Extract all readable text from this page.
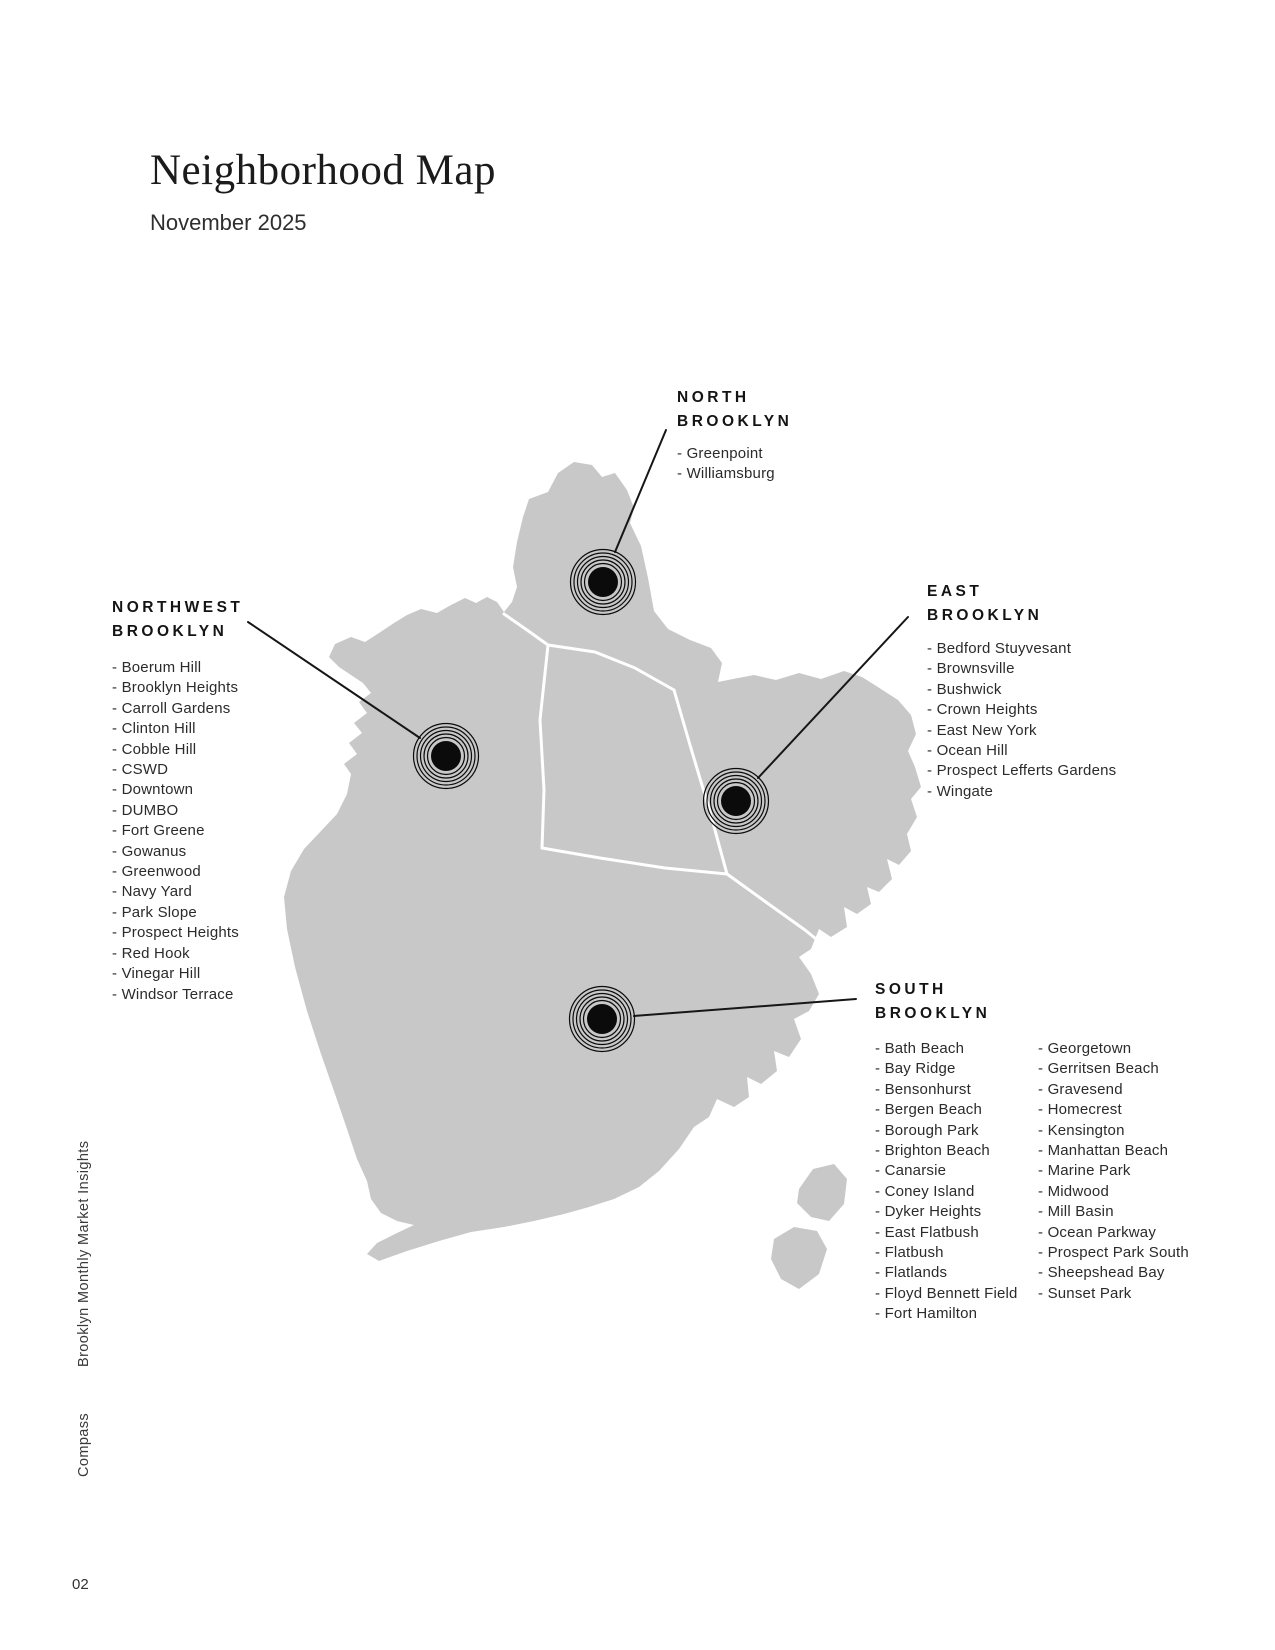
Neighborhood Map
November 2025
NORTH
BROOKLYN
- Greenpoint
- Williamsburg
NORTHWEST
BROOKLYN
- Boerum Hill
- Brooklyn Heights
- Carroll Gardens
- Clinton Hill
- Cobble Hill
- CSWD
- Downtown
- DUMBO
- Fort Greene
- Gowanus
- Greenwood
- Navy Yard
- Park Slope
- Prospect Heights
- Red Hook
- Vinegar Hill
- Windsor Terrace
EAST
BROOKLYN
- Bedford Stuyvesant
- Brownsville
- Bushwick
- Crown Heights
- East New York
- Ocean Hill
- Prospect Lefferts Gardens
- Wingate
SOUTH
BROOKLYN
- Bath Beach
- Bay Ridge
- Bensonhurst
- Bergen Beach
- Borough Park
- Brighton Beach
- Canarsie
- Coney Island
- Dyker Heights
- East Flatbush
- Flatbush
- Flatlands
- Floyd Bennett Field
- Fort Hamilton
- Georgetown
- Gerritsen Beach
- Gravesend
- Homecrest
- Kensington
- Manhattan Beach
- Marine Park
- Midwood
- Mill Basin
- Ocean Parkway
- Prospect Park South
- Sheepshead Bay
- Sunset Park
Brooklyn Monthly Market Insights
Compass
02
